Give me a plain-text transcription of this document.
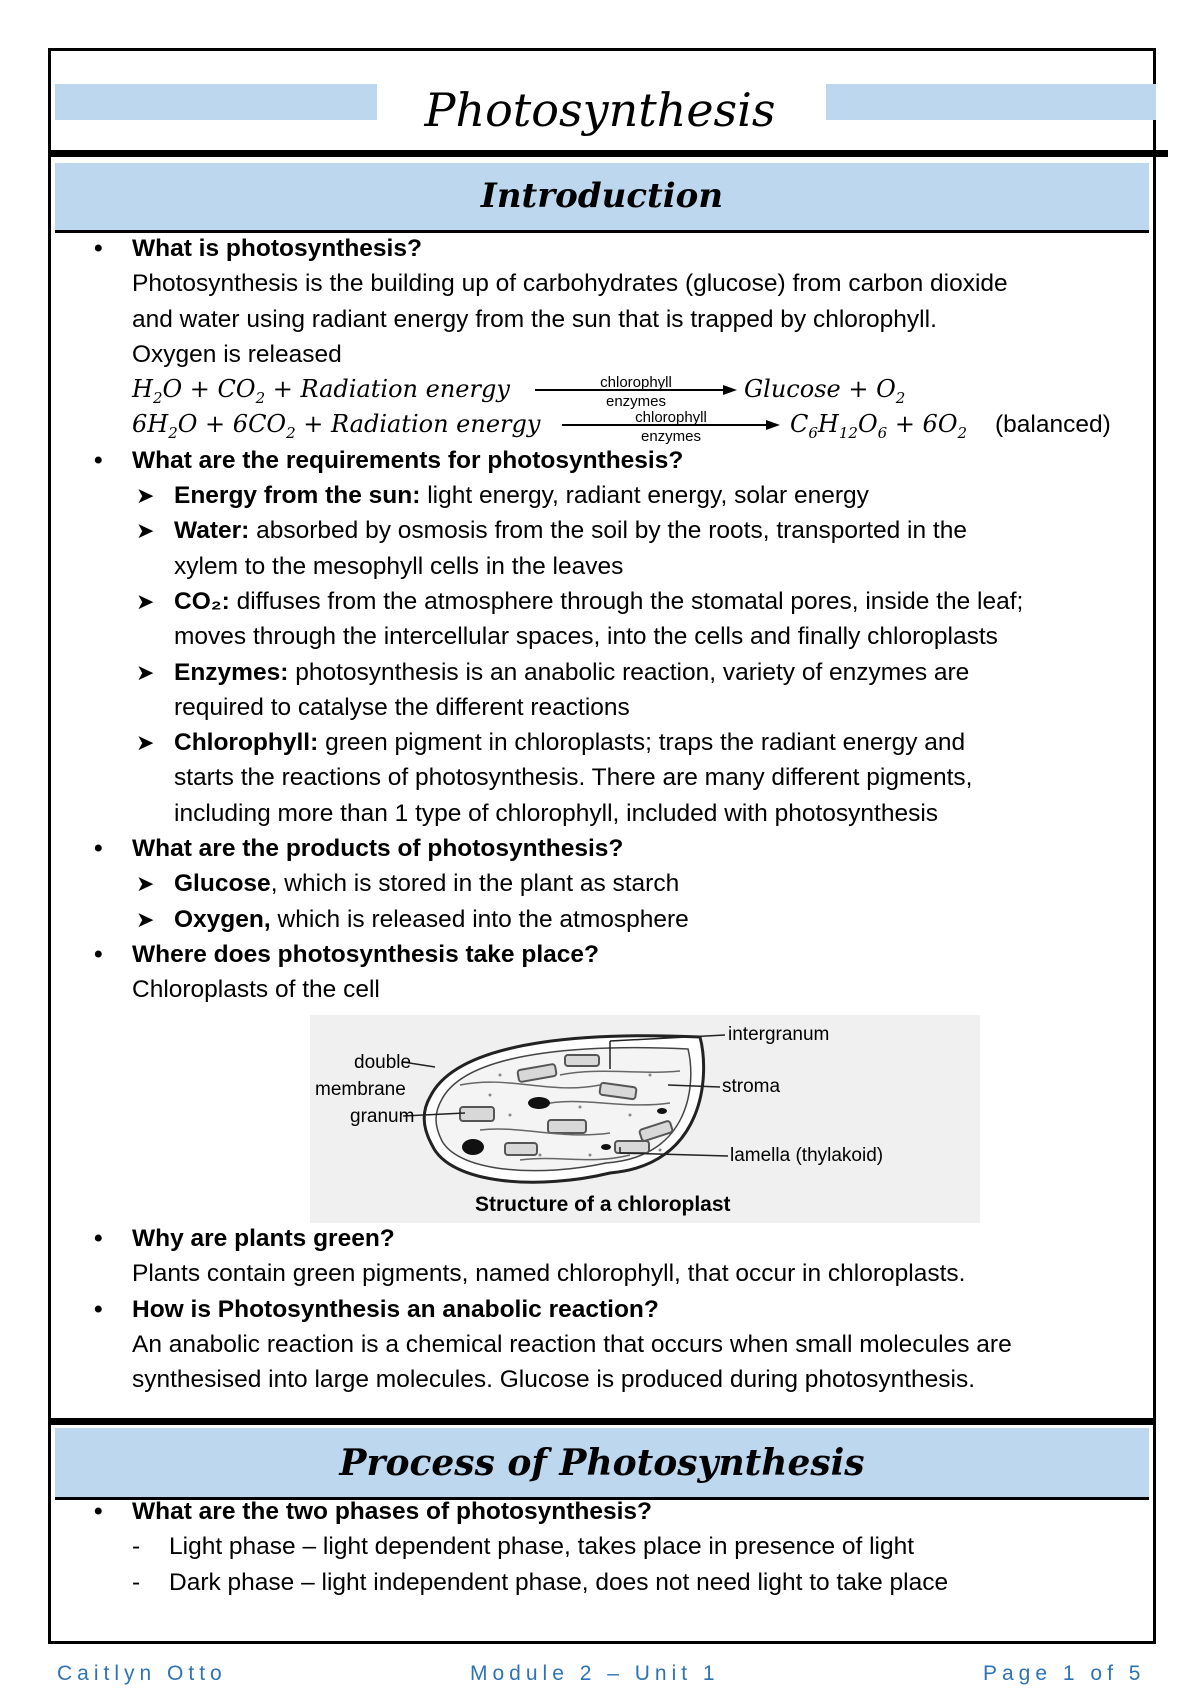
Photosynthesis
Introduction

• What is photosynthesis?

Photosynthesis is the building up of carbohydrates (glucose) from carbon dioxide

and water using radiant energy from the sun that is trapped by chlorophyll.

Oxygen is released

$H_2O + CO_2$ + Radiation energy	chlorophyll
enzymes	$Glucose + O_2$
$6H_2O + 6CO_2$ + Radiation energy	chlorophyll
enzymes	$C_6H_{12}O_6 + 6O_2$ (balanced)

• What are the requirements for photosynthesis?

➤ Energy from the sun: light energy, radiant energy, solar energy
➤ Water: absorbed by osmosis from the soil by the roots, transported in the
xylem to the mesophyll cells in the leaves
➤ CO₂: diffuses from the atmosphere through the stomatal pores, inside the leaf;
moves through the intercellular spaces, into the cells and finally chloroplasts
➤ Enzymes: photosynthesis is an anabolic reaction, variety of enzymes are
required to catalyse the different reactions
➤ Chlorophyll: green pigment in chloroplasts; traps the radiant energy and
starts the reactions of photosynthesis. There are many different pigments,
including more than 1 type of chlorophyll, included with photosynthesis

• What are the products of photosynthesis?

➤ Glucose, which is stored in the plant as starch
➤ Oxygen, which is released into the atmosphere

• Where does photosynthesis take place?

Chloroplasts of the cell

double
membrane
granum
intergranum
stroma
lamella (thylakoid)
Structure of a chloroplast

• Why are plants green?

Plants contain green pigments, named chlorophyll, that occur in chloroplasts.

• How is Photosynthesis an anabolic reaction?

An anabolic reaction is a chemical reaction that occurs when small molecules are

synthesised into large molecules. Glucose is produced during photosynthesis.

Process of Photosynthesis

• What are the two phases of photosynthesis?

- Light phase – light dependent phase, takes place in presence of light

- Dark phase – light independent phase, does not need light to take place

Caitlyn Otto	Module 2 – Unit 1	Page 1 of 5
